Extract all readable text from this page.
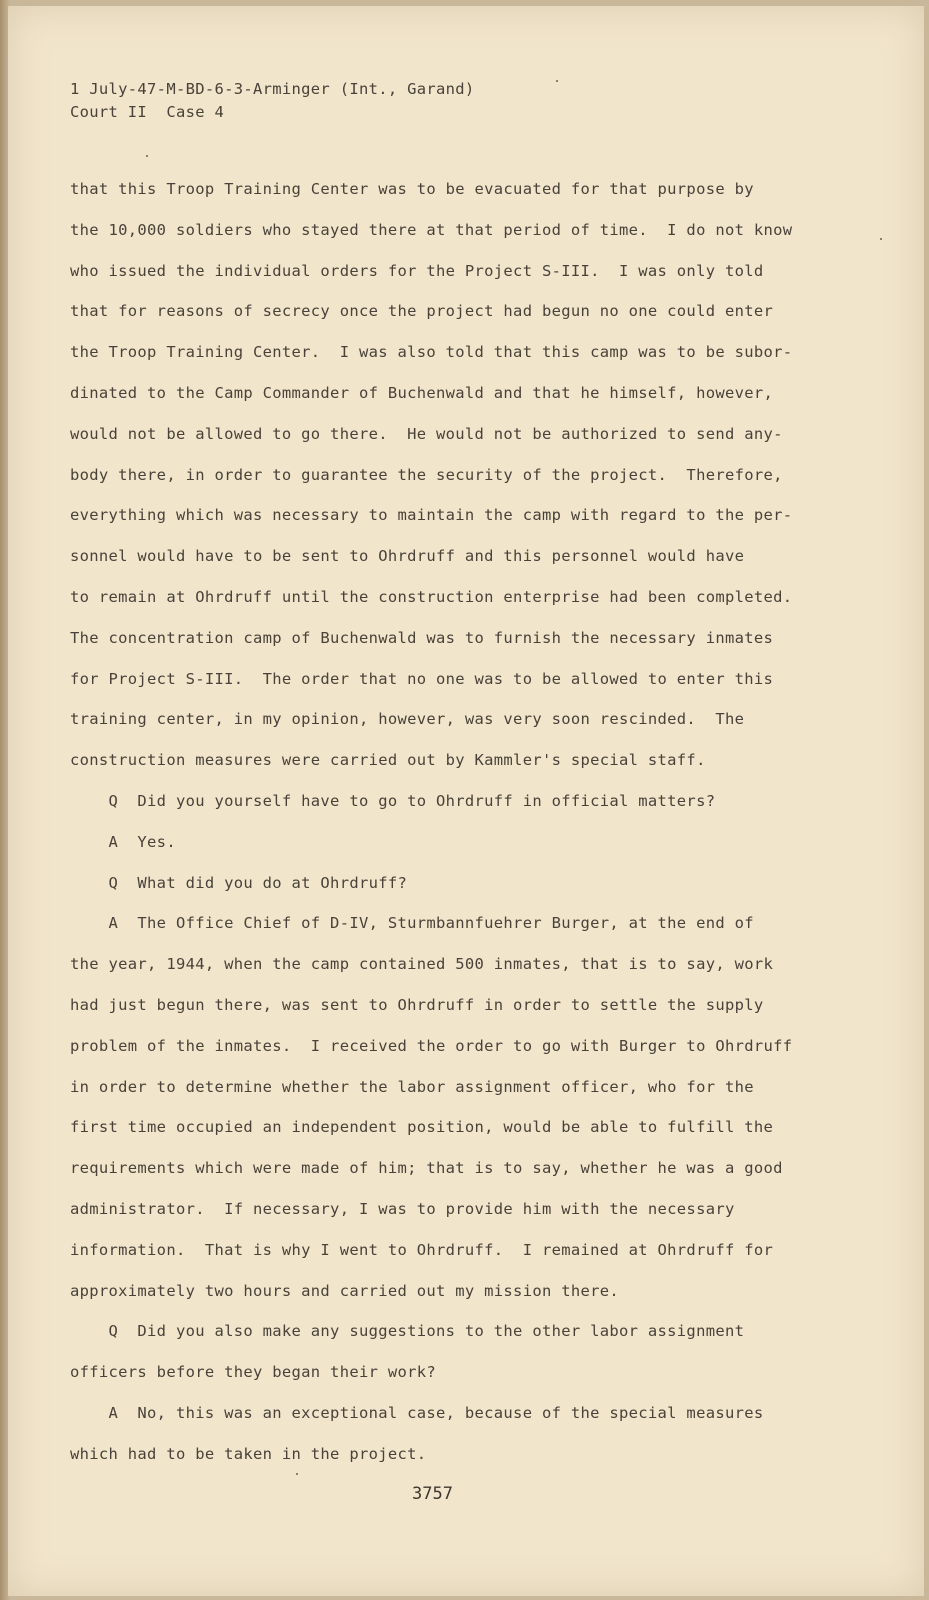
1 July-47-M-BD-6-3-Arminger (Int., Garand)

Court II  Case 4

that this Troop Training Center was to be evacuated for that purpose by

the 10,000 soldiers who stayed there at that period of time.  I do not know

who issued the individual orders for the Project S-III.  I was only told

that for reasons of secrecy once the project had begun no one could enter

the Troop Training Center.  I was also told that this camp was to be subor-

dinated to the Camp Commander of Buchenwald and that he himself, however,

would not be allowed to go there.  He would not be authorized to send any-

body there, in order to guarantee the security of the project.  Therefore,

everything which was necessary to maintain the camp with regard to the per-

sonnel would have to be sent to Ohrdruff and this personnel would have

to remain at Ohrdruff until the construction enterprise had been completed.

The concentration camp of Buchenwald was to furnish the necessary inmates

for Project S-III.  The order that no one was to be allowed to enter this

training center, in my opinion, however, was very soon rescinded.  The

construction measures were carried out by Kammler's special staff.

Q  Did you yourself have to go to Ohrdruff in official matters?

A  Yes.

Q  What did you do at Ohrdruff?

A  The Office Chief of D-IV, Sturmbannfuehrer Burger, at the end of

the year, 1944, when the camp contained 500 inmates, that is to say, work

had just begun there, was sent to Ohrdruff in order to settle the supply

problem of the inmates.  I received the order to go with Burger to Ohrdruff

in order to determine whether the labor assignment officer, who for the

first time occupied an independent position, would be able to fulfill the

requirements which were made of him; that is to say, whether he was a good

administrator.  If necessary, I was to provide him with the necessary

information.  That is why I went to Ohrdruff.  I remained at Ohrdruff for

approximately two hours and carried out my mission there.

Q  Did you also make any suggestions to the other labor assignment

officers before they began their work?

A  No, this was an exceptional case, because of the special measures

which had to be taken in the project.

3757
